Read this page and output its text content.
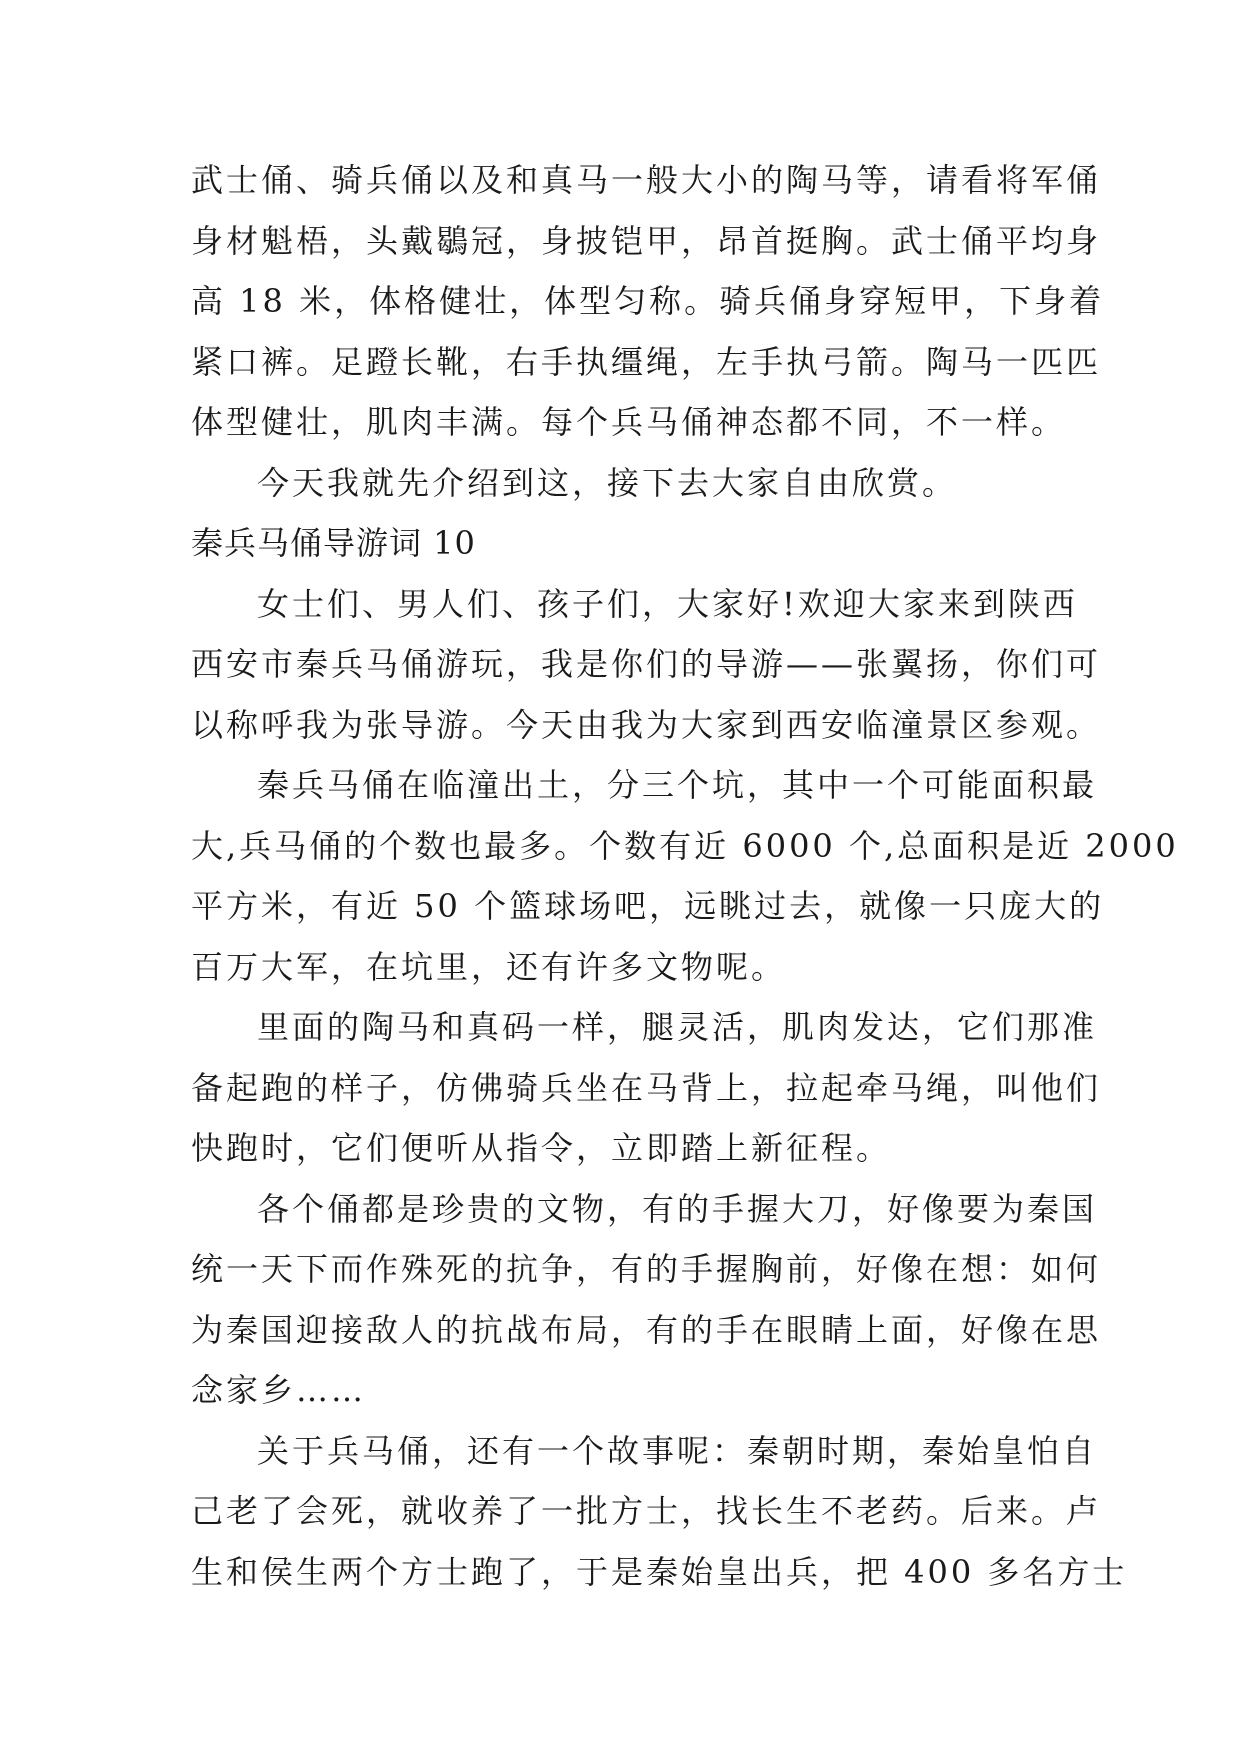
武士俑、骑兵俑以及和真马一般大小的陶马等，请看将军俑
身材魁梧，头戴鶡冠，身披铠甲，昂首挺胸。武士俑平均身
高 18 米，体格健壮，体型匀称。骑兵俑身穿短甲，下身着
紧口裤。足蹬长靴，右手执缰绳，左手执弓箭。陶马一匹匹
体型健壮，肌肉丰满。每个兵马俑神态都不同，不一样。
今天我就先介绍到这，接下去大家自由欣赏。
秦兵马俑导游词 10
女士们、男人们、孩子们，大家好!欢迎大家来到陕西
西安市秦兵马俑游玩，我是你们的导游——张翼扬，你们可
以称呼我为张导游。今天由我为大家到西安临潼景区参观。
秦兵马俑在临潼出土，分三个坑，其中一个可能面积最
大,兵马俑的个数也最多。个数有近 6000 个,总面积是近 2000
平方米，有近 50 个篮球场吧，远眺过去，就像一只庞大的
百万大军，在坑里，还有许多文物呢。
里面的陶马和真码一样，腿灵活，肌肉发达，它们那准
备起跑的样子，仿佛骑兵坐在马背上，拉起牵马绳，叫他们
快跑时，它们便听从指令，立即踏上新征程。
各个俑都是珍贵的文物，有的手握大刀，好像要为秦国
统一天下而作殊死的抗争，有的手握胸前，好像在想：如何
为秦国迎接敌人的抗战布局，有的手在眼睛上面，好像在思
念家乡……
关于兵马俑，还有一个故事呢：秦朝时期，秦始皇怕自
己老了会死，就收养了一批方士，找长生不老药。后来。卢
生和侯生两个方士跑了，于是秦始皇出兵，把 400 多名方士
